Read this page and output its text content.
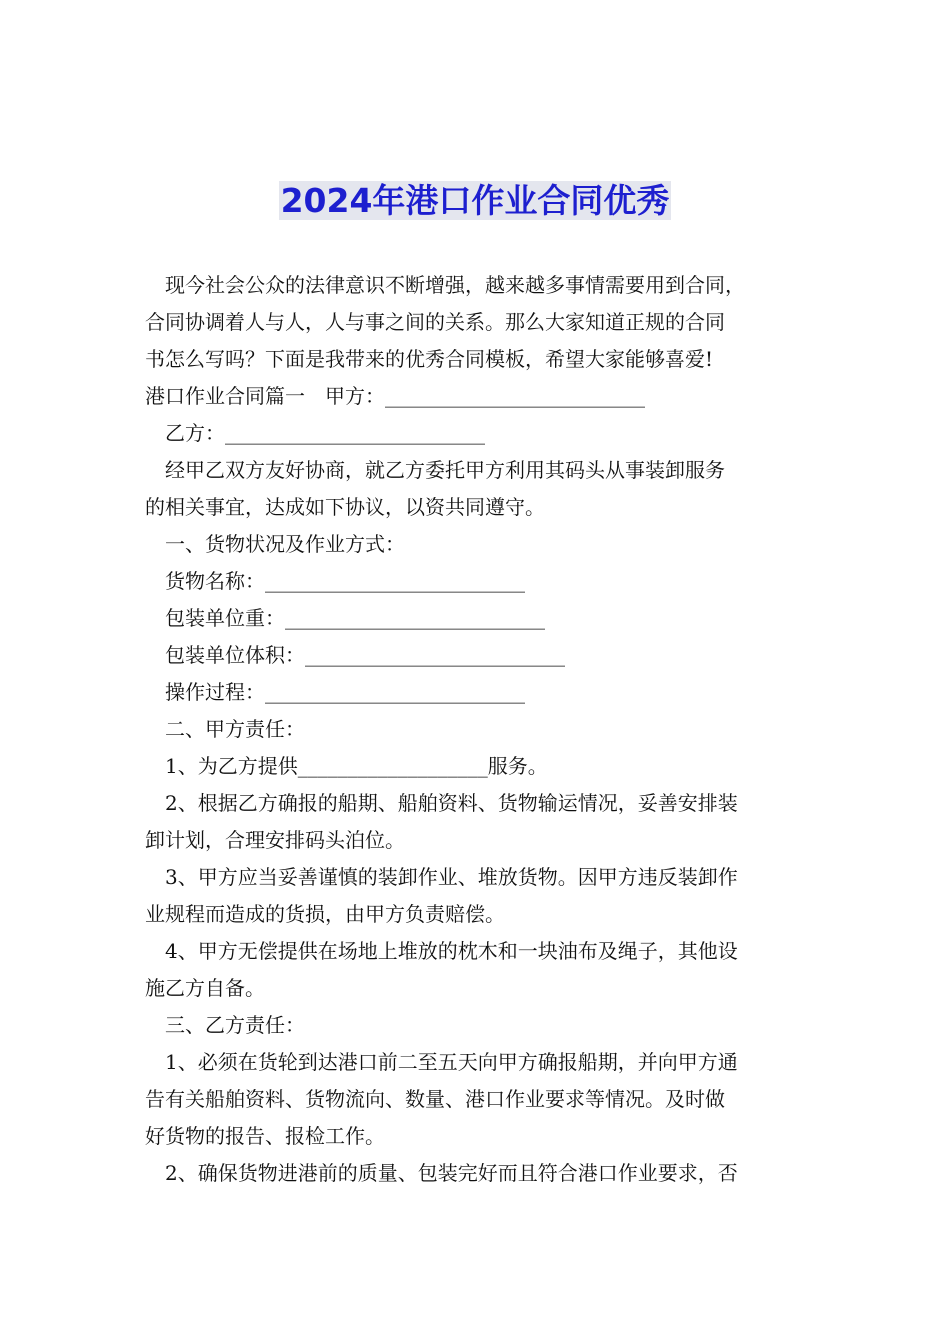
2024年港口作业合同优秀
现今社会公众的法律意识不断增强，越来越多事情需要用到合同，
合同协调着人与人，人与事之间的关系。那么大家知道正规的合同
书怎么写吗？下面是我带来的优秀合同模板，希望大家能够喜爱!
港口作业合同篇一　甲方：__________________________
乙方：__________________________
经甲乙双方友好协商，就乙方委托甲方利用其码头从事装卸服务
的相关事宜，达成如下协议，以资共同遵守。
一、货物状况及作业方式：
货物名称：__________________________
包装单位重：__________________________
包装单位体积：__________________________
操作过程：__________________________
二、甲方责任：
1、为乙方提供___________________服务。
2、根据乙方确报的船期、船舶资料、货物输运情况，妥善安排装
卸计划，合理安排码头泊位。
3、甲方应当妥善谨慎的装卸作业、堆放货物。因甲方违反装卸作
业规程而造成的货损，由甲方负责赔偿。
4、甲方无偿提供在场地上堆放的枕木和一块油布及绳子，其他设
施乙方自备。
三、乙方责任：
1、必须在货轮到达港口前二至五天向甲方确报船期，并向甲方通
告有关船舶资料、货物流向、数量、港口作业要求等情况。及时做
好货物的报告、报检工作。
2、确保货物进港前的质量、包装完好而且符合港口作业要求，否
